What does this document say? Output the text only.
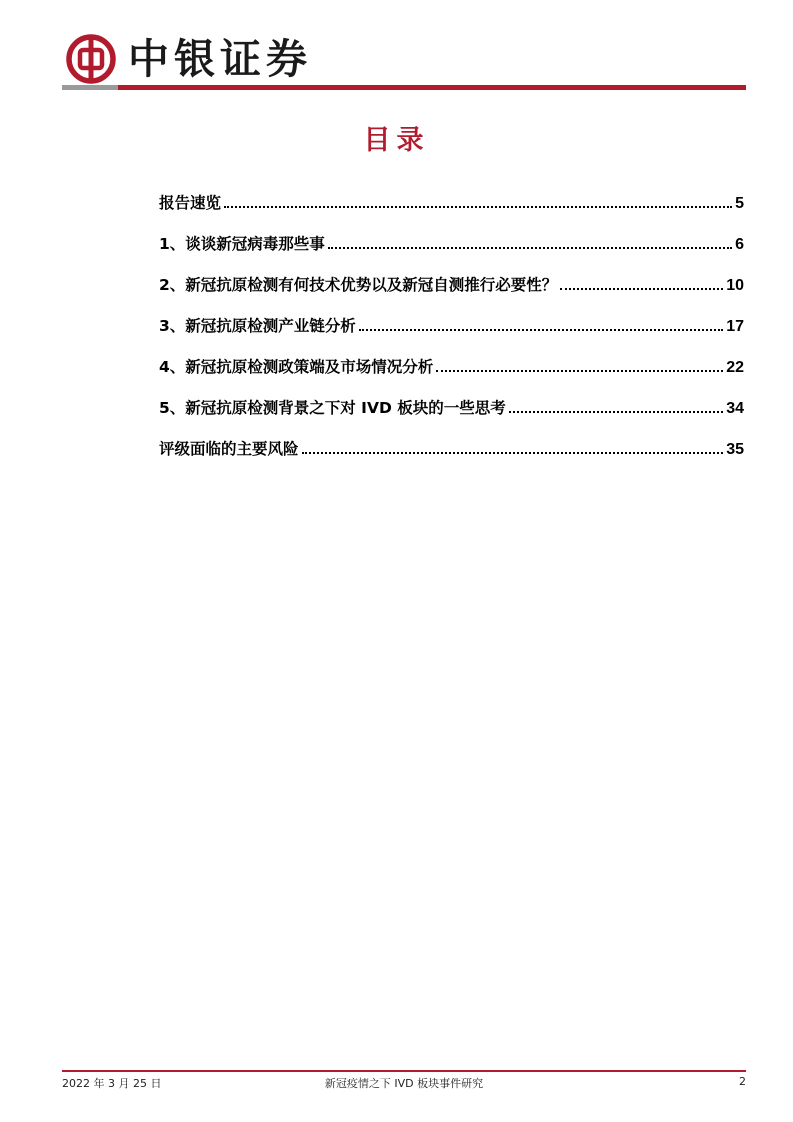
中银证券
目录
报告速览	5
1、谈谈新冠病毒那些事	6
2、新冠抗原检测有何技术优势以及新冠自测推行必要性？	10
3、新冠抗原检测产业链分析	17
4、新冠抗原检测政策端及市场情况分析	22
5、新冠抗原检测背景之下对 IVD 板块的一些思考	34
评级面临的主要风险	35
2022 年 3 月 25 日	新冠疫情之下 IVD 板块事件研究	2
